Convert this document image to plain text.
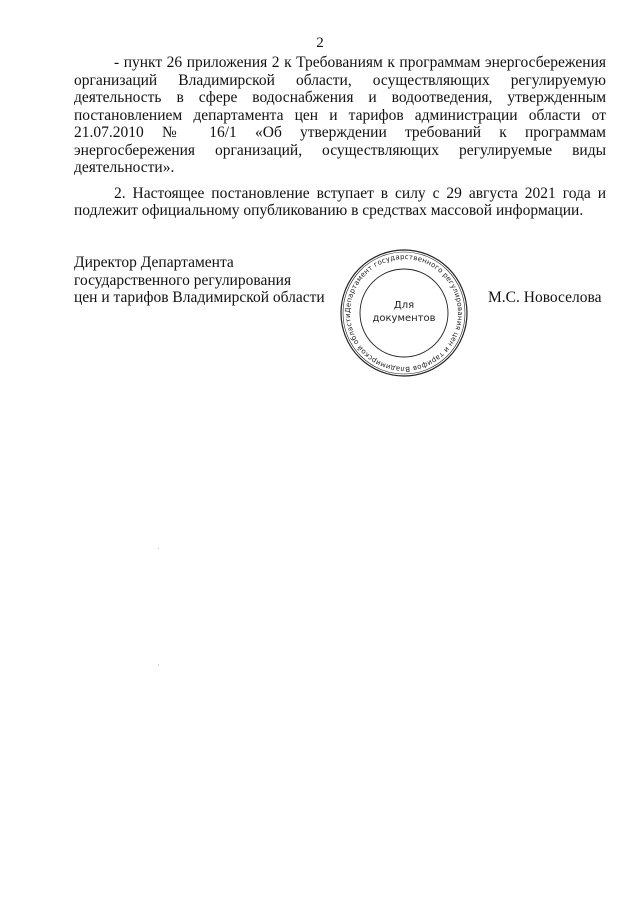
2

- пункт 26 приложения 2 к Требованиям к программам энергосбережения организаций Владимирской области, осуществляющих регулируемую деятельность в сфере водоснабжения и водоотведения, утвержденным постановлением департамента цен и тарифов администрации области от 21.07.2010 № 16/1 «Об утверждении требований к программам энергосбережения организаций, осуществляющих регулируемые виды деятельности».

2. Настоящее постановление вступает в силу с 29 августа 2021 года и подлежит официальному опубликованию в средствах массовой информации.

Директор Департамента
государственного регулирования
цен и тарифов Владимирской области
Департамент государственного регулирования цен и тарифов Владимирской области
Для
документов
М.С. Новоселова
